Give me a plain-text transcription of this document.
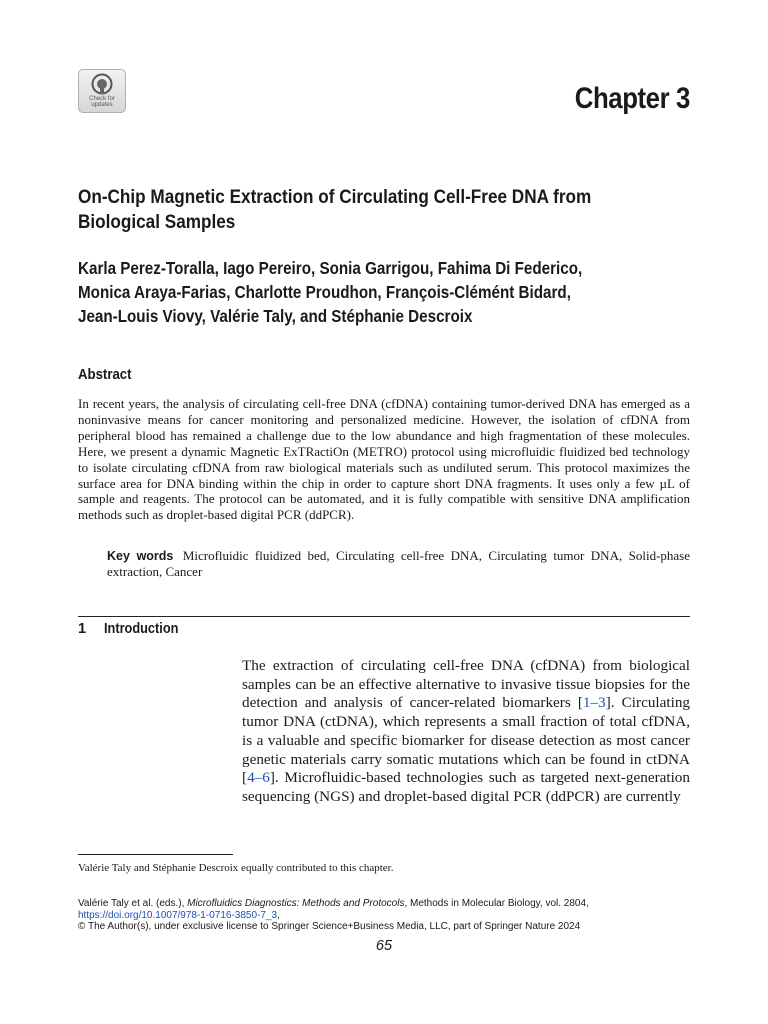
Check for
updates	Chapter 3
On-Chip Magnetic Extraction of Circulating Cell-Free DNA from Biological Samples
Karla Perez-Toralla, Iago Pereiro, Sonia Garrigou, Fahima Di Federico,
Monica Araya-Farias, Charlotte Proudhon, François-Clémént Bidard,
Jean-Louis Viovy, Valérie Taly, and Stéphanie Descroix
Abstract
In recent years, the analysis of circulating cell-free DNA (cfDNA) containing tumor-derived DNA has emerged as a noninvasive means for cancer monitoring and personalized medicine. However, the isolation of cfDNA from peripheral blood has remained a challenge due to the low abundance and high fragmentation of these molecules. Here, we present a dynamic Magnetic ExTRactiOn (METRO) protocol using microfluidic fluidized bed technology to isolate circulating cfDNA from raw biological materials such as undiluted serum. This protocol maximizes the surface area for DNA binding within the chip in order to capture short DNA fragments. It uses only a few µL of sample and reagents. The protocol can be automated, and it is fully compatible with sensitive DNA amplification methods such as droplet-based digital PCR (ddPCR).
Key words Microfluidic fluidized bed, Circulating cell-free DNA, Circulating tumor DNA, Solid-phase extraction, Cancer
1 Introduction
The extraction of circulating cell-free DNA (cfDNA) from biological samples can be an effective alternative to invasive tissue biopsies for the detection and analysis of cancer-related biomarkers [1–3]. Circulating tumor DNA (ctDNA), which represents a small fraction of total cfDNA, is a valuable and specific biomarker for disease detection as most cancer genetic materials carry somatic mutations which can be found in ctDNA [4–6]. Microfluidic-based technologies such as targeted next-generation sequencing (NGS) and droplet-based digital PCR (ddPCR) are currently
Valérie Taly and Stéphanie Descroix equally contributed to this chapter.
Valérie Taly et al. (eds.), Microfluidics Diagnostics: Methods and Protocols, Methods in Molecular Biology, vol. 2804,
https://doi.org/10.1007/978-1-0716-3850-7_3,
© The Author(s), under exclusive license to Springer Science+Business Media, LLC, part of Springer Nature 2024
65
